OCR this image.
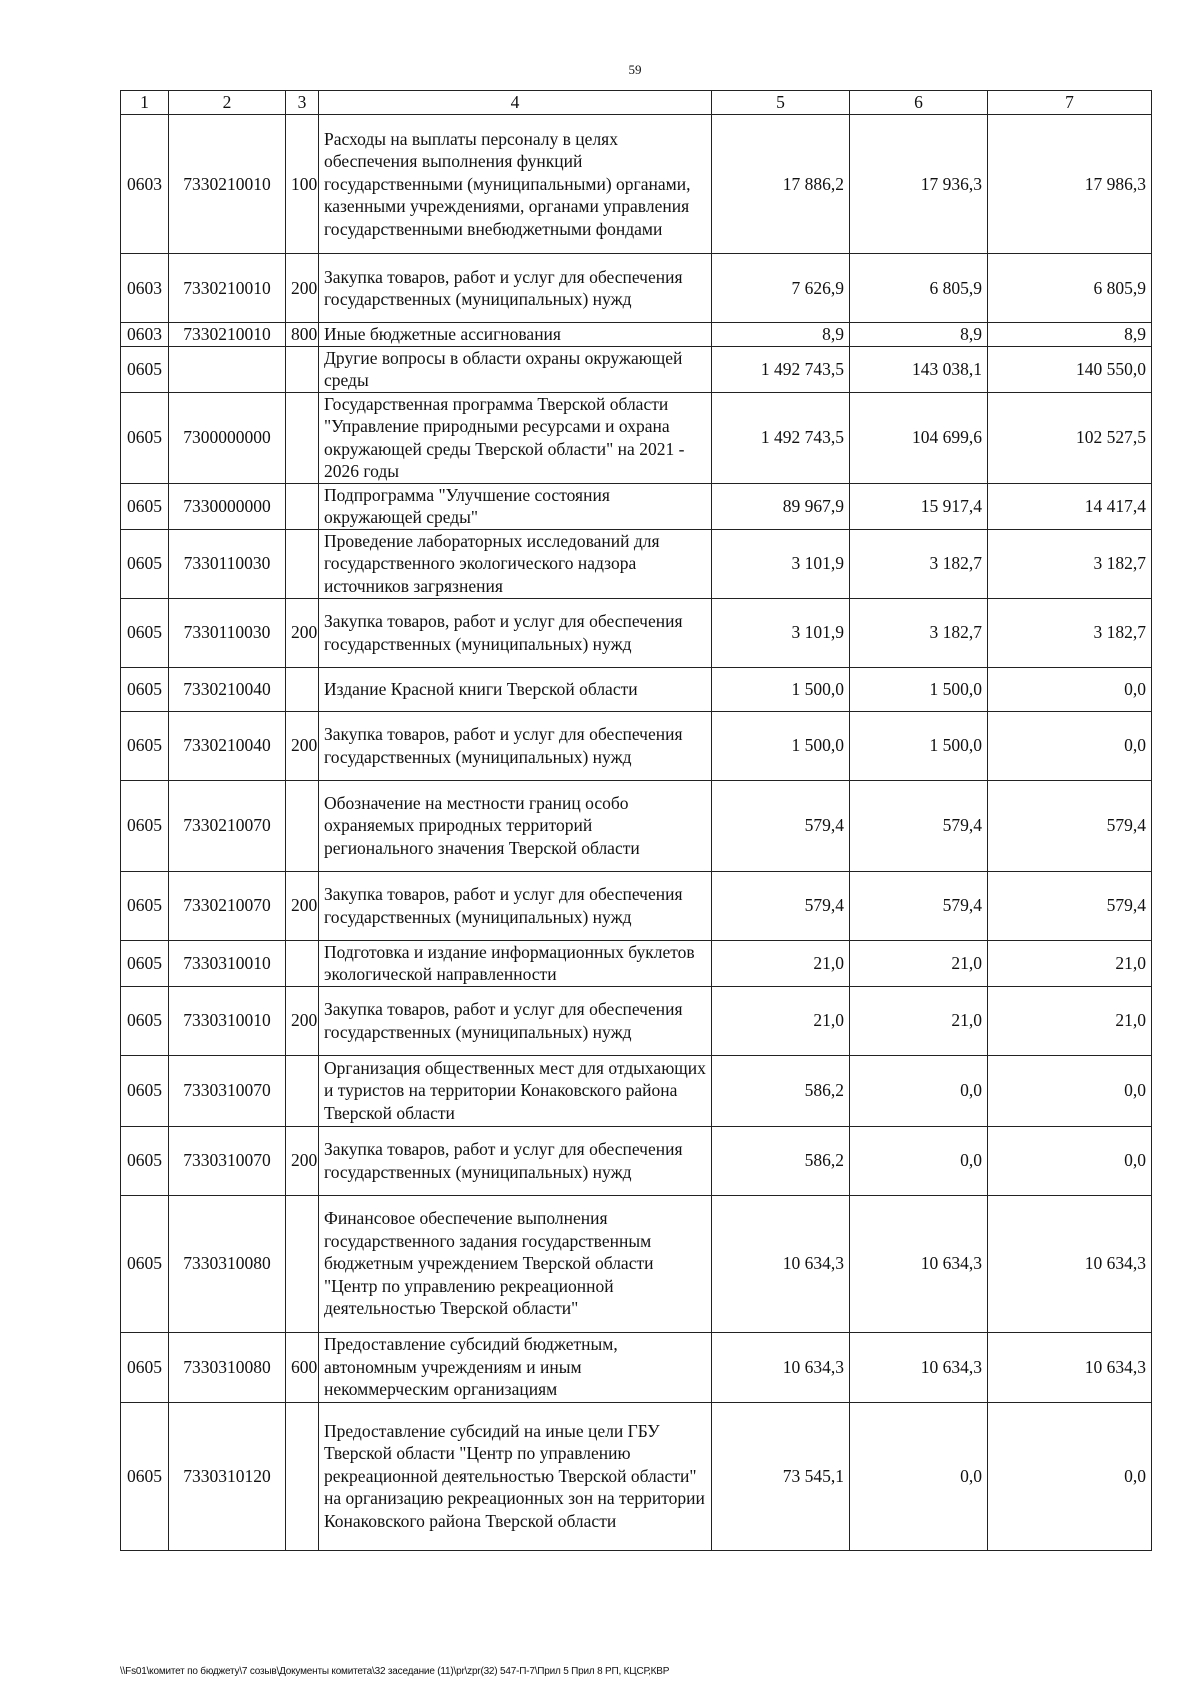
59
1	2	3	4	5	6	7
0603	7330210010	100	Расходы на выплаты персоналу в целях обеспечения выполнения функций государственными (муниципальными) органами, казенными учреждениями, органами управления государственными внебюджетными фондами	17 886,2	17 936,3	17 986,3
0603	7330210010	200	Закупка товаров, работ и услуг для обеспечения государственных (муниципальных) нужд	7 626,9	6 805,9	6 805,9
0603	7330210010	800	Иные бюджетные ассигнования	8,9	8,9	8,9
0605			Другие вопросы в области охраны окружающей среды	1 492 743,5	143 038,1	140 550,0
0605	7300000000		Государственная программа Тверской области "Управление природными ресурсами и охрана окружающей среды Тверской области" на 2021 - 2026 годы	1 492 743,5	104 699,6	102 527,5
0605	7330000000		Подпрограмма "Улучшение состояния окружающей среды"	89 967,9	15 917,4	14 417,4
0605	7330110030		Проведение лабораторных исследований для государственного экологического надзора источников загрязнения	3 101,9	3 182,7	3 182,7
0605	7330110030	200	Закупка товаров, работ и услуг для обеспечения государственных (муниципальных) нужд	3 101,9	3 182,7	3 182,7
0605	7330210040		Издание Красной книги Тверской области	1 500,0	1 500,0	0,0
0605	7330210040	200	Закупка товаров, работ и услуг для обеспечения государственных (муниципальных) нужд	1 500,0	1 500,0	0,0
0605	7330210070		Обозначение на местности границ особо охраняемых природных территорий регионального значения Тверской области	579,4	579,4	579,4
0605	7330210070	200	Закупка товаров, работ и услуг для обеспечения государственных (муниципальных) нужд	579,4	579,4	579,4
0605	7330310010		Подготовка и издание информационных буклетов экологической направленности	21,0	21,0	21,0
0605	7330310010	200	Закупка товаров, работ и услуг для обеспечения государственных (муниципальных) нужд	21,0	21,0	21,0
0605	7330310070		Организация общественных мест для отдыхающих и туристов на территории Конаковского района Тверской области	586,2	0,0	0,0
0605	7330310070	200	Закупка товаров, работ и услуг для обеспечения государственных (муниципальных) нужд	586,2	0,0	0,0
0605	7330310080		Финансовое обеспечение выполнения государственного задания государственным бюджетным учреждением Тверской области "Центр по управлению рекреационной деятельностью Тверской области"	10 634,3	10 634,3	10 634,3
0605	7330310080	600	Предоставление субсидий бюджетным, автономным учреждениям и иным некоммерческим организациям	10 634,3	10 634,3	10 634,3
0605	7330310120		Предоставление субсидий на иные цели ГБУ Тверской области "Центр по управлению рекреационной деятельностью Тверской области" на организацию рекреационных зон на территории Конаковского района Тверской области	73 545,1	0,0	0,0
\\Fs01\комитет по бюджету\7 созыв\Документы комитета\32 заседание (11)\pr\zpr(32) 547-П-7\Прил 5 Прил 8 РП, КЦСР,КВР
